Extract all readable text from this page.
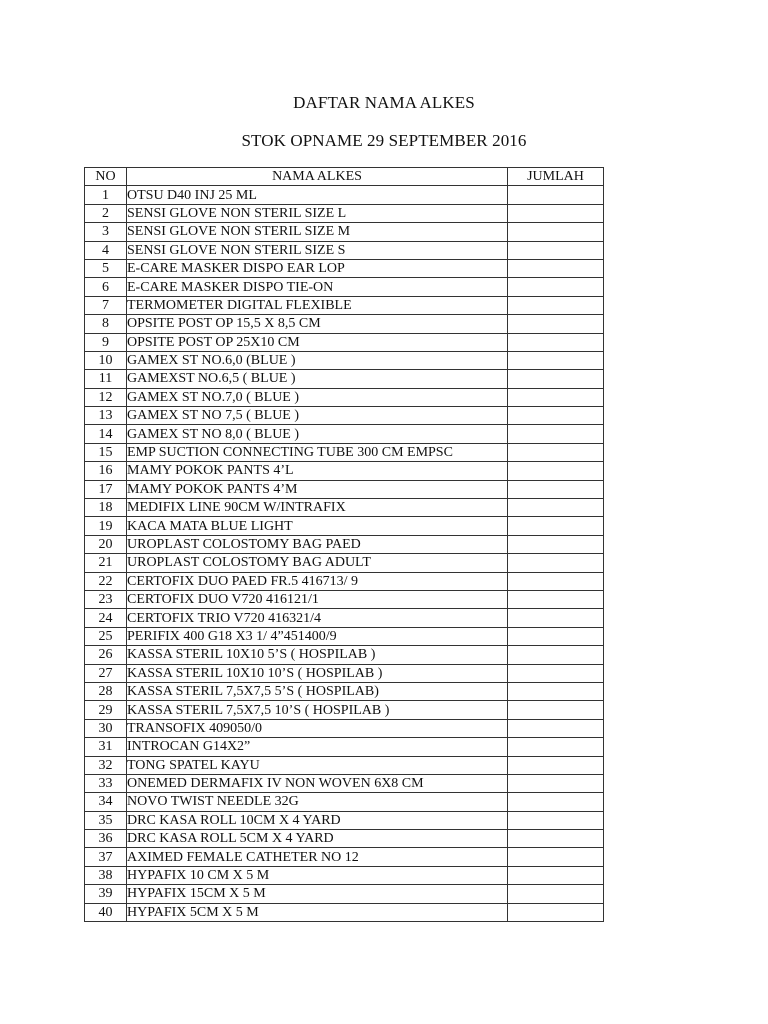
DAFTAR NAMA ALKES
STOK OPNAME 29 SEPTEMBER 2016
NO	NAMA ALKES	JUMLAH
1	OTSU D40 INJ 25 ML	
2	SENSI GLOVE NON STERIL SIZE L	
3	SENSI GLOVE NON STERIL SIZE M	
4	SENSI GLOVE NON STERIL SIZE S	
5	E-CARE MASKER DISPO EAR LOP	
6	E-CARE MASKER DISPO TIE-ON	
7	TERMOMETER DIGITAL FLEXIBLE	
8	OPSITE POST OP 15,5 X 8,5 CM	
9	OPSITE POST OP 25X10 CM	
10	GAMEX ST NO.6,0 (BLUE )	
11	GAMEXST NO.6,5 ( BLUE )	
12	GAMEX ST NO.7,0 ( BLUE )	
13	GAMEX ST NO 7,5 ( BLUE )	
14	GAMEX ST NO 8,0 ( BLUE )	
15	EMP SUCTION CONNECTING TUBE 300 CM EMPSC	
16	MAMY POKOK PANTS 4’L	
17	MAMY POKOK PANTS 4’M	
18	MEDIFIX LINE 90CM W/INTRAFIX	
19	KACA MATA BLUE LIGHT	
20	UROPLAST COLOSTOMY BAG PAED	
21	UROPLAST COLOSTOMY BAG ADULT	
22	CERTOFIX DUO PAED FR.5 416713/ 9	
23	CERTOFIX DUO V720 416121/1	
24	CERTOFIX TRIO V720 416321/4	
25	PERIFIX 400 G18 X3 1/ 4”451400/9	
26	KASSA STERIL 10X10 5’S ( HOSPILAB )	
27	KASSA STERIL 10X10 10’S ( HOSPILAB )	
28	KASSA STERIL 7,5X7,5 5’S ( HOSPILAB)	
29	KASSA STERIL 7,5X7,5 10’S ( HOSPILAB )	
30	TRANSOFIX 409050/0	
31	INTROCAN G14X2”	
32	TONG SPATEL KAYU	
33	ONEMED DERMAFIX IV NON WOVEN 6X8 CM	
34	NOVO TWIST NEEDLE 32G	
35	DRC KASA ROLL 10CM X 4 YARD	
36	DRC KASA ROLL 5CM X 4 YARD	
37	AXIMED FEMALE CATHETER NO 12	
38	HYPAFIX 10 CM X 5 M	
39	HYPAFIX 15CM X 5 M	
40	HYPAFIX 5CM X 5 M	
